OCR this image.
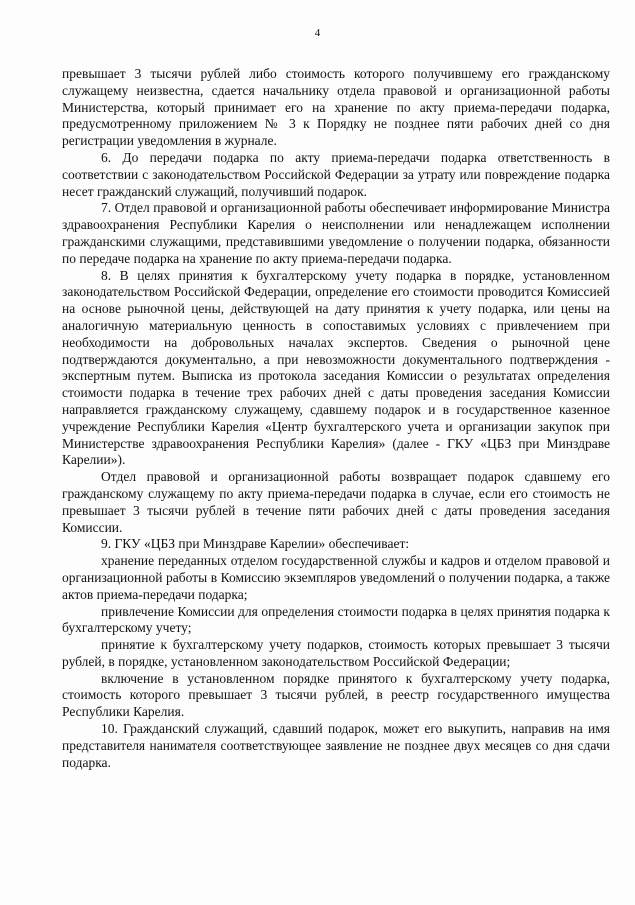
4

превышает 3 тысячи рублей либо стоимость которого получившему его гражданскому служащему неизвестна, сдается начальнику отдела правовой и организационной работы Министерства, который принимает его на хранение по акту приема-передачи подарка, предусмотренному приложением № 3 к Порядку не позднее пяти рабочих дней со дня регистрации уведомления в журнале.

6. До передачи подарка по акту приема-передачи подарка ответственность в соответствии с законодательством Российской Федерации за утрату или повреждение подарка несет гражданский служащий, получивший подарок.

7. Отдел правовой и организационной работы обеспечивает информирование Министра здравоохранения Республики Карелия о неисполнении или ненадлежащем исполнении гражданскими служащими, представившими уведомление о получении подарка, обязанности по передаче подарка на хранение по акту приема-передачи подарка.

8. В целях принятия к бухгалтерскому учету подарка в порядке, установленном законодательством Российской Федерации, определение его стоимости проводится Комиссией на основе рыночной цены, действующей на дату принятия к учету подарка, или цены на аналогичную материальную ценность в сопоставимых условиях с привлечением при необходимости на добровольных началах экспертов. Сведения о рыночной цене подтверждаются документально, а при невозможности документального подтверждения - экспертным путем. Выписка из протокола заседания Комиссии о результатах определения стоимости подарка в течение трех рабочих дней с даты проведения заседания Комиссии направляется гражданскому служащему, сдавшему подарок и в государственное казенное учреждение Республики Карелия «Центр бухгалтерского учета и организации закупок при Министерстве здравоохранения Республики Карелия» (далее - ГКУ «ЦБЗ при Минздраве Карелии»).

Отдел правовой и организационной работы возвращает подарок сдавшему его гражданскому служащему по акту приема-передачи подарка в случае, если его стоимость не превышает 3 тысячи рублей в течение пяти рабочих дней с даты проведения заседания Комиссии.

9. ГКУ «ЦБЗ при Минздраве Карелии» обеспечивает:

хранение переданных отделом государственной службы и кадров и отделом правовой и организационной работы в Комиссию экземпляров уведомлений о получении подарка, а также актов приема-передачи подарка;

привлечение Комиссии для определения стоимости подарка в целях принятия подарка к бухгалтерскому учету;

принятие к бухгалтерскому учету подарков, стоимость которых превышает 3 тысячи рублей, в порядке, установленном законодательством Российской Федерации;

включение в установленном порядке принятого к бухгалтерскому учету подарка, стоимость которого превышает 3 тысячи рублей, в реестр государственного имущества Республики Карелия.

10. Гражданский служащий, сдавший подарок, может его выкупить, направив на имя представителя нанимателя соответствующее заявление не позднее двух месяцев со дня сдачи подарка.
